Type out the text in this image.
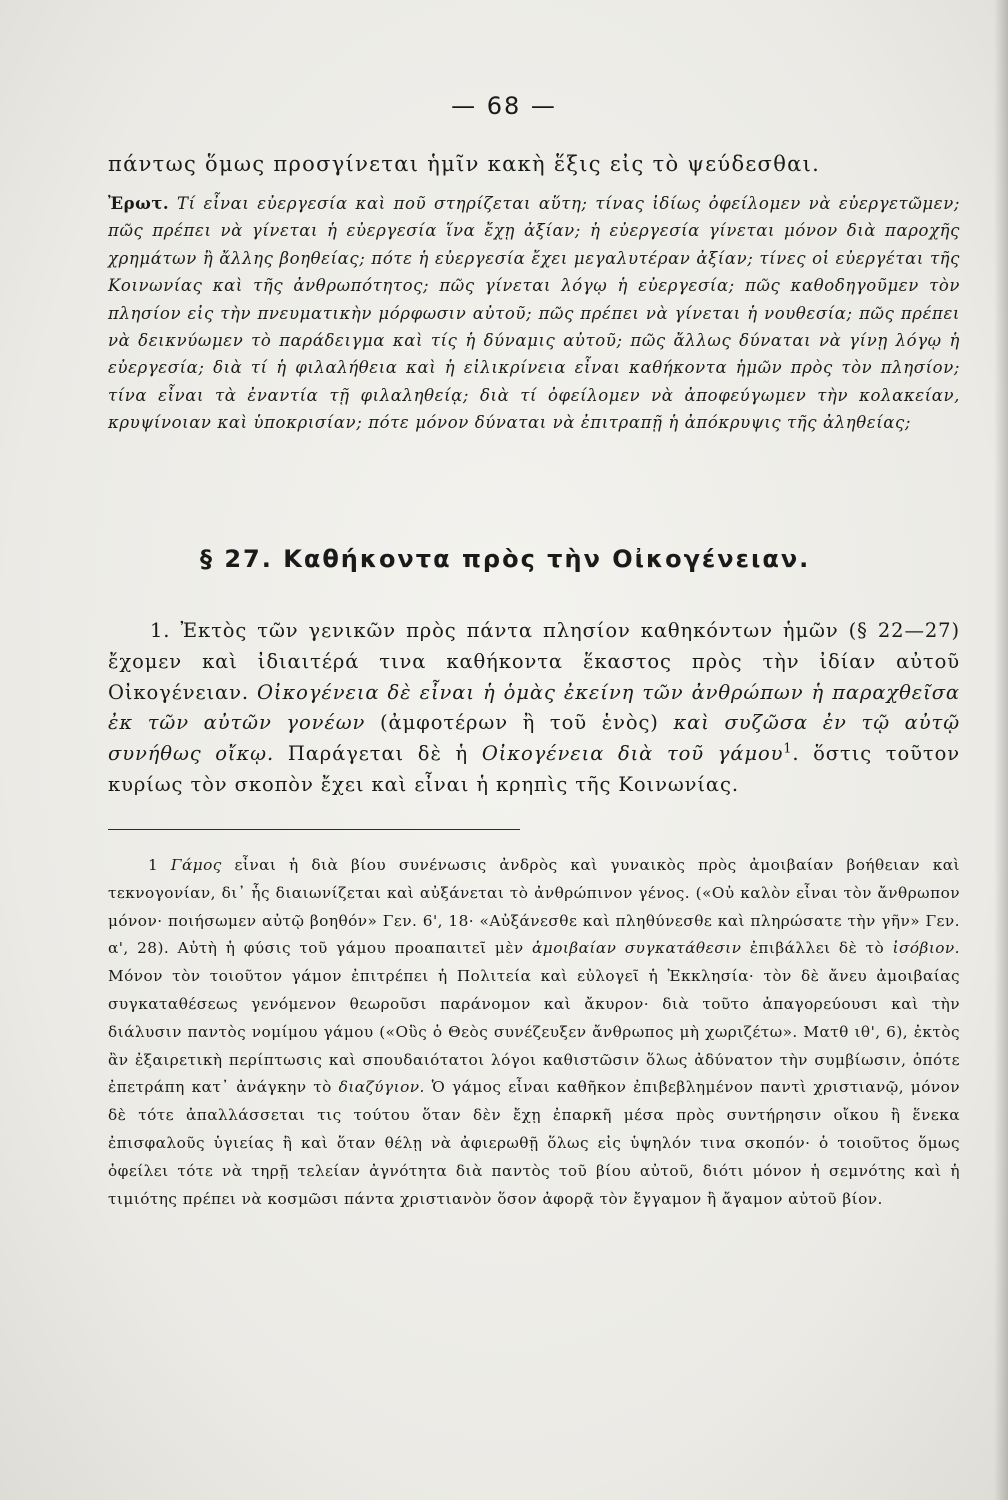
— 68 —
πάντως ὅμως προσγίνεται ἡμῖν κακὴ ἕξις εἰς τὸ ψεύδεσθαι.
Ἐρωτ. Τί εἶναι εὐεργεσία καὶ ποῦ στηρίζεται αὕτη; τίνας ἰδίως ὀφείλομεν νὰ εὐεργετῶμεν; πῶς πρέπει νὰ γίνεται ἡ εὐεργεσία ἵνα ἔχῃ ἀξίαν; ἡ εὐεργεσία γίνεται μόνον διὰ παροχῆς χρημάτων ἢ ἄλλης βοηθείας; πότε ἡ εὐεργεσία ἔχει μεγαλυτέραν ἀξίαν; τίνες οἱ εὐεργέται τῆς Κοινωνίας καὶ τῆς ἀνθρωπότητος; πῶς γίνεται λόγῳ ἡ εὐεργεσία; πῶς καθοδηγοῦμεν τὸν πλησίον εἰς τὴν πνευματικὴν μόρφωσιν αὐτοῦ; πῶς πρέπει νὰ γίνεται ἡ νουθεσία; πῶς πρέπει νὰ δεικνύωμεν τὸ παράδειγμα καὶ τίς ἡ δύναμις αὐτοῦ; πῶς ἄλλως δύναται νὰ γίνῃ λόγῳ ἡ εὐεργεσία; διὰ τί ἡ φιλαλήθεια καὶ ἡ εἰλικρίνεια εἶναι καθήκοντα ἡμῶν πρὸς τὸν πλησίον; τίνα εἶναι τὰ ἐναντία τῇ φιλαληθείᾳ; διὰ τί ὀφείλομεν νὰ ἀποφεύγωμεν τὴν κολακείαν, κρυψίνοιαν καὶ ὑποκρισίαν; πότε μόνον δύναται νὰ ἐπιτραπῇ ἡ ἀπόκρυψις τῆς ἀληθείας;
§ 27. Καθήκοντα πρὸς τὴν Οἰκογένειαν.
1. Ἐκτὸς τῶν γενικῶν πρὸς πάντα πλησίον καθηκόντων ἡμῶν (§ 22—27) ἔχομεν καὶ ἰδιαιτέρά τινα καθήκοντα ἕκαστος πρὸς τὴν ἰδίαν αὐτοῦ Οἰκογένειαν. Οἰκογένεια δὲ εἶναι ἡ ὁμὰς ἐκείνη τῶν ἀνθρώπων ἡ παραχθεῖσα ἐκ τῶν αὐτῶν γονέων (ἀμφοτέρων ἢ τοῦ ἑνὸς) καὶ συζῶσα ἐν τῷ αὐτῷ συνήθως οἴκῳ. Παράγεται δὲ ἡ Οἰκογένεια διὰ τοῦ γάμου$^1$. ὅστις τοῦτον κυρίως τὸν σκοπὸν ἔχει καὶ εἶναι ἡ κρηπὶς τῆς Κοινωνίας.
1 Γάμος εἶναι ἡ διὰ βίου συνένωσις ἀνδρὸς καὶ γυναικὸς πρὸς ἀμοιβαίαν βοήθειαν καὶ τεκνογονίαν, δι᾽ ἧς διαιωνίζεται καὶ αὐξάνεται τὸ ἀνθρώπινον γένος. («Οὐ καλὸν εἶναι τὸν ἄνθρωπον μόνον· ποιήσωμεν αὐτῷ βοηθόν» Γεν. 6', 18· «Αὐξάνεσθε καὶ πληθύνεσθε καὶ πληρώσατε τὴν γῆν» Γεν. α', 28). Αὐτὴ ἡ φύσις τοῦ γάμου προαπαιτεῖ μὲν ἀμοιβαίαν συγκατάθεσιν ἐπιβάλλει δὲ τὸ ἰσόβιον. Μόνον τὸν τοιοῦτον γάμον ἐπιτρέπει ἡ Πολιτεία καὶ εὐλογεῖ ἡ Ἐκκλησία· τὸν δὲ ἄνευ ἀμοιβαίας συγκαταθέσεως γενόμενον θεωροῦσι παράνομον καὶ ἄκυρον· διὰ τοῦτο ἀπαγορεύουσι καὶ τὴν διάλυσιν παντὸς νομίμου γάμου («Οὓς ὁ Θεὸς συνέζευξεν ἄνθρωπος μὴ χωριζέτω». Ματθ ιθ', 6), ἐκτὸς ἂν ἐξαιρετικὴ περίπτωσις καὶ σπουδαιότατοι λόγοι καθιστῶσιν ὅλως ἀδύνατον τὴν συμβίωσιν, ὁπότε ἐπετράπη κατ᾽ ἀνάγκην τὸ διαζύγιον. Ὁ γάμος εἶναι καθῆκον ἐπιβεβλημένον παντὶ χριστιανῷ, μόνον δὲ τότε ἀπαλλάσσεται τις τούτου ὅταν δὲν ἔχῃ ἐπαρκῆ μέσα πρὸς συντήρησιν οἴκου ἢ ἕνεκα ἐπισφαλοῦς ὑγιείας ἢ καὶ ὅταν θέλῃ νὰ ἀφιερωθῇ ὅλως εἰς ὑψηλόν τινα σκοπόν· ὁ τοιοῦτος ὅμως ὀφείλει τότε νὰ τηρῇ τελείαν ἀγνότητα διὰ παντὸς τοῦ βίου αὐτοῦ, διότι μόνον ἡ σεμνότης καὶ ἡ τιμιότης πρέπει νὰ κοσμῶσι πάντα χριστιανὸν ὅσον ἀφορᾷ τὸν ἔγγαμον ἢ ἄγαμον αὐτοῦ βίον.
